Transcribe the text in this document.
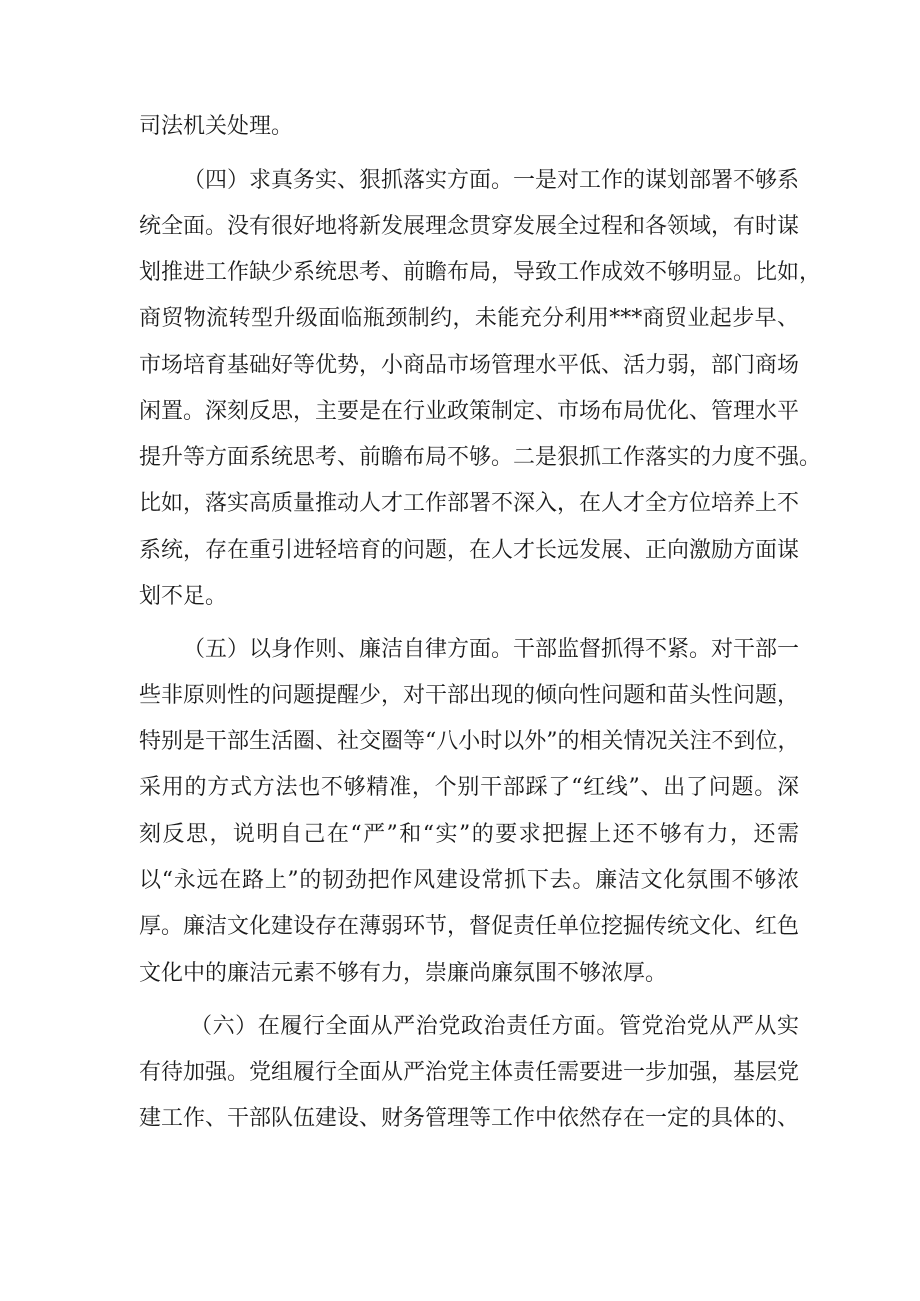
司法机关处理。
（四）求真务实、狠抓落实方面。一是对工作的谋划部署不够系
统全面。没有很好地将新发展理念贯穿发展全过程和各领域，有时谋
划推进工作缺少系统思考、前瞻布局，导致工作成效不够明显。比如，
商贸物流转型升级面临瓶颈制约，未能充分利用***商贸业起步早、
市场培育基础好等优势，小商品市场管理水平低、活力弱，部门商场
闲置。深刻反思，主要是在行业政策制定、市场布局优化、管理水平
提升等方面系统思考、前瞻布局不够。二是狠抓工作落实的力度不强。
比如，落实高质量推动人才工作部署不深入，在人才全方位培养上不
系统，存在重引进轻培育的问题，在人才长远发展、正向激励方面谋
划不足。
（五）以身作则、廉洁自律方面。干部监督抓得不紧。对干部一
些非原则性的问题提醒少，对干部出现的倾向性问题和苗头性问题，
特别是干部生活圈、社交圈等“八小时以外”的相关情况关注不到位，
采用的方式方法也不够精准，个别干部踩了“红线”、出了问题。深
刻反思，说明自己在“严”和“实”的要求把握上还不够有力，还需
以“永远在路上”的韧劲把作风建设常抓下去。廉洁文化氛围不够浓
厚。廉洁文化建设存在薄弱环节，督促责任单位挖掘传统文化、红色
文化中的廉洁元素不够有力，崇廉尚廉氛围不够浓厚。
（六）在履行全面从严治党政治责任方面。管党治党从严从实
有待加强。党组履行全面从严治党主体责任需要进一步加强，基层党
建工作、干部队伍建设、财务管理等工作中依然存在一定的具体的、
